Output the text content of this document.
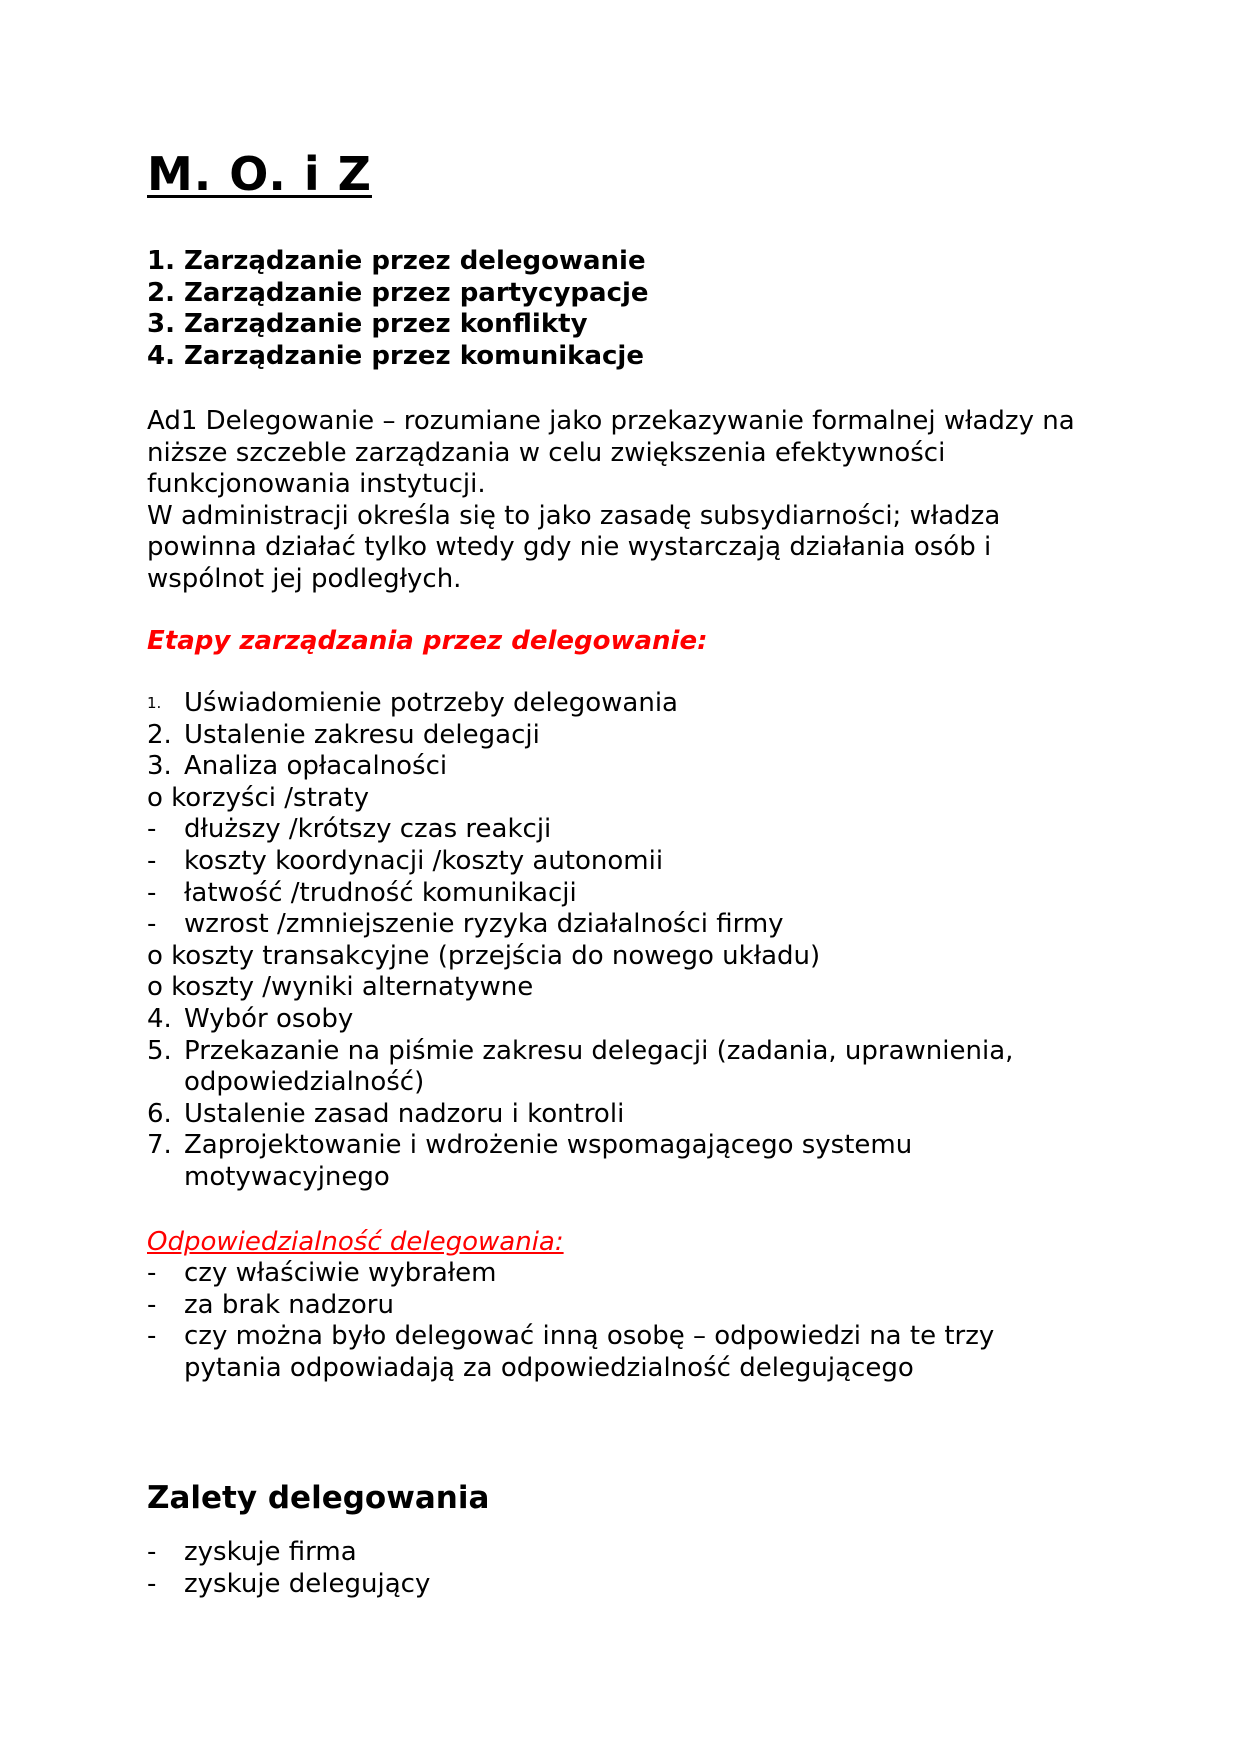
M. O. i Z
1. Zarządzanie przez delegowanie
2. Zarządzanie przez partycypacje
3. Zarządzanie przez konflikty
4. Zarządzanie przez komunikacje

Ad1 Delegowanie – rozumiane jako przekazywanie formalnej władzy na niższe szczeble zarządzania w celu zwiększenia efektywności funkcjonowania instytucji.

W administracji określa się to jako zasadę subsydiarności; władza powinna działać tylko wtedy gdy nie wystarczają działania osób i wspólnot jej podległych.

Etapy zarządzania przez delegowanie:
1. Uświadomienie potrzeby delegowania
2. Ustalenie zakresu delegacji
3. Analiza opłacalności
o korzyści /straty
-	dłuższy /krótszy czas reakcji
-	koszty koordynacji /koszty autonomii
-	łatwość /trudność komunikacji
-	wzrost /zmniejszenie ryzyka działalności firmy
o koszty transakcyjne (przejścia do nowego układu)
o koszty /wyniki alternatywne
4. Wybór osoby
5. Przekazanie na piśmie zakresu delegacji (zadania, uprawnienia, odpowiedzialność)
6. Ustalenie zasad nadzoru i kontroli
7. Zaprojektowanie i wdrożenie wspomagającego systemu motywacyjnego
Odpowiedzialność delegowania:
-	czy właściwie wybrałem
-	za brak nadzoru
-	czy można było delegować inną osobę – odpowiedzi na te trzy pytania odpowiadają za odpowiedzialność delegującego
Zalety delegowania
-	zyskuje firma
-	zyskuje delegujący
